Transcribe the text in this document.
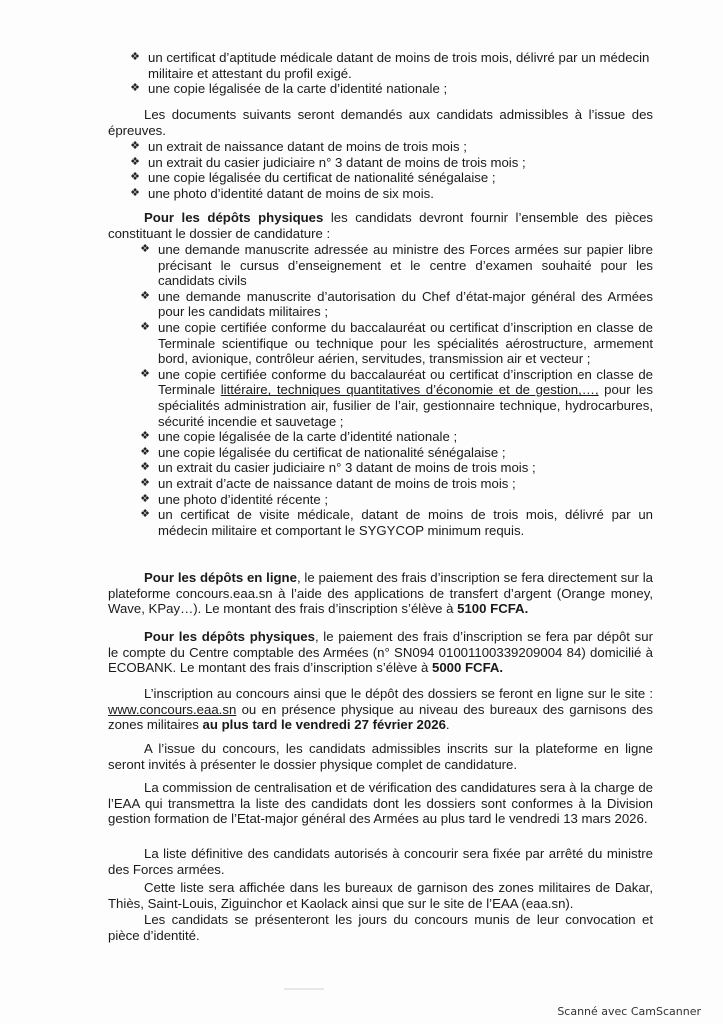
❖ un certificat d’aptitude médicale datant de moins de trois mois, délivré par un médecin militaire et attestant du profil exigé.
❖ une copie légalisée de la carte d’identité nationale ;
Les documents suivants seront demandés aux candidats admissibles à l’issue des épreuves.
❖ un extrait de naissance datant de moins de trois mois ;
❖ un extrait du casier judiciaire n° 3 datant de moins de trois mois ;
❖ une copie légalisée du certificat de nationalité sénégalaise ;
❖ une photo d’identité datant de moins de six mois.
Pour les dépôts physiques les candidats devront fournir l’ensemble des pièces constituant le dossier de candidature :
❖ une demande manuscrite adressée au ministre des Forces armées sur papier libre précisant le cursus d’enseignement et le centre d’examen souhaité pour les candidats civils
❖ une demande manuscrite d’autorisation du Chef d’état-major général des Armées pour les candidats militaires ;
❖ une copie certifiée conforme du baccalauréat ou certificat d’inscription en classe de Terminale scientifique ou technique pour les spécialités aérostructure, armement bord, avionique, contrôleur aérien, servitudes, transmission air et vecteur ;
❖ une copie certifiée conforme du baccalauréat ou certificat d’inscription en classe de Terminale littéraire, techniques quantitatives d’économie et de gestion,…, pour les spécialités administration air, fusilier de l’air, gestionnaire technique, hydrocarbures, sécurité incendie et sauvetage ;
❖ une copie légalisée de la carte d’identité nationale ;
❖ une copie légalisée du certificat de nationalité sénégalaise ;
❖ un extrait du casier judiciaire n° 3 datant de moins de trois mois ;
❖ un extrait d’acte de naissance datant de moins de trois mois ;
❖ une photo d’identité récente ;
❖ un certificat de visite médicale, datant de moins de trois mois, délivré par un médecin militaire et comportant le SYGYCOP minimum requis.
Pour les dépôts en ligne, le paiement des frais d’inscription se fera directement sur la plateforme concours.eaa.sn à l’aide des applications de transfert d’argent (Orange money, Wave, KPay…). Le montant des frais d’inscription s’élève à 5100 FCFA.
Pour les dépôts physiques, le paiement des frais d’inscription se fera par dépôt sur le compte du Centre comptable des Armées (n° SN094 01001100339209004 84) domicilié à ECOBANK. Le montant des frais d’inscription s’élève à 5000 FCFA.
L’inscription au concours ainsi que le dépôt des dossiers se feront en ligne sur le site : www.concours.eaa.sn ou en présence physique au niveau des bureaux des garnisons des zones militaires au plus tard le vendredi 27 février 2026.
A l’issue du concours, les candidats admissibles inscrits sur la plateforme en ligne seront invités à présenter le dossier physique complet de candidature.
La commission de centralisation et de vérification des candidatures sera à la charge de l’EAA qui transmettra la liste des candidats dont les dossiers sont conformes à la Division gestion formation de l’Etat-major général des Armées au plus tard le vendredi 13 mars 2026.
La liste définitive des candidats autorisés à concourir sera fixée par arrêté du ministre des Forces armées.
Cette liste sera affichée dans les bureaux de garnison des zones militaires de Dakar, Thiès, Saint-Louis, Ziguinchor et Kaolack ainsi que sur le site de l’EAA (eaa.sn).
Les candidats se présenteront les jours du concours munis de leur convocation et pièce d’identité.
Scanné avec CamScanner
